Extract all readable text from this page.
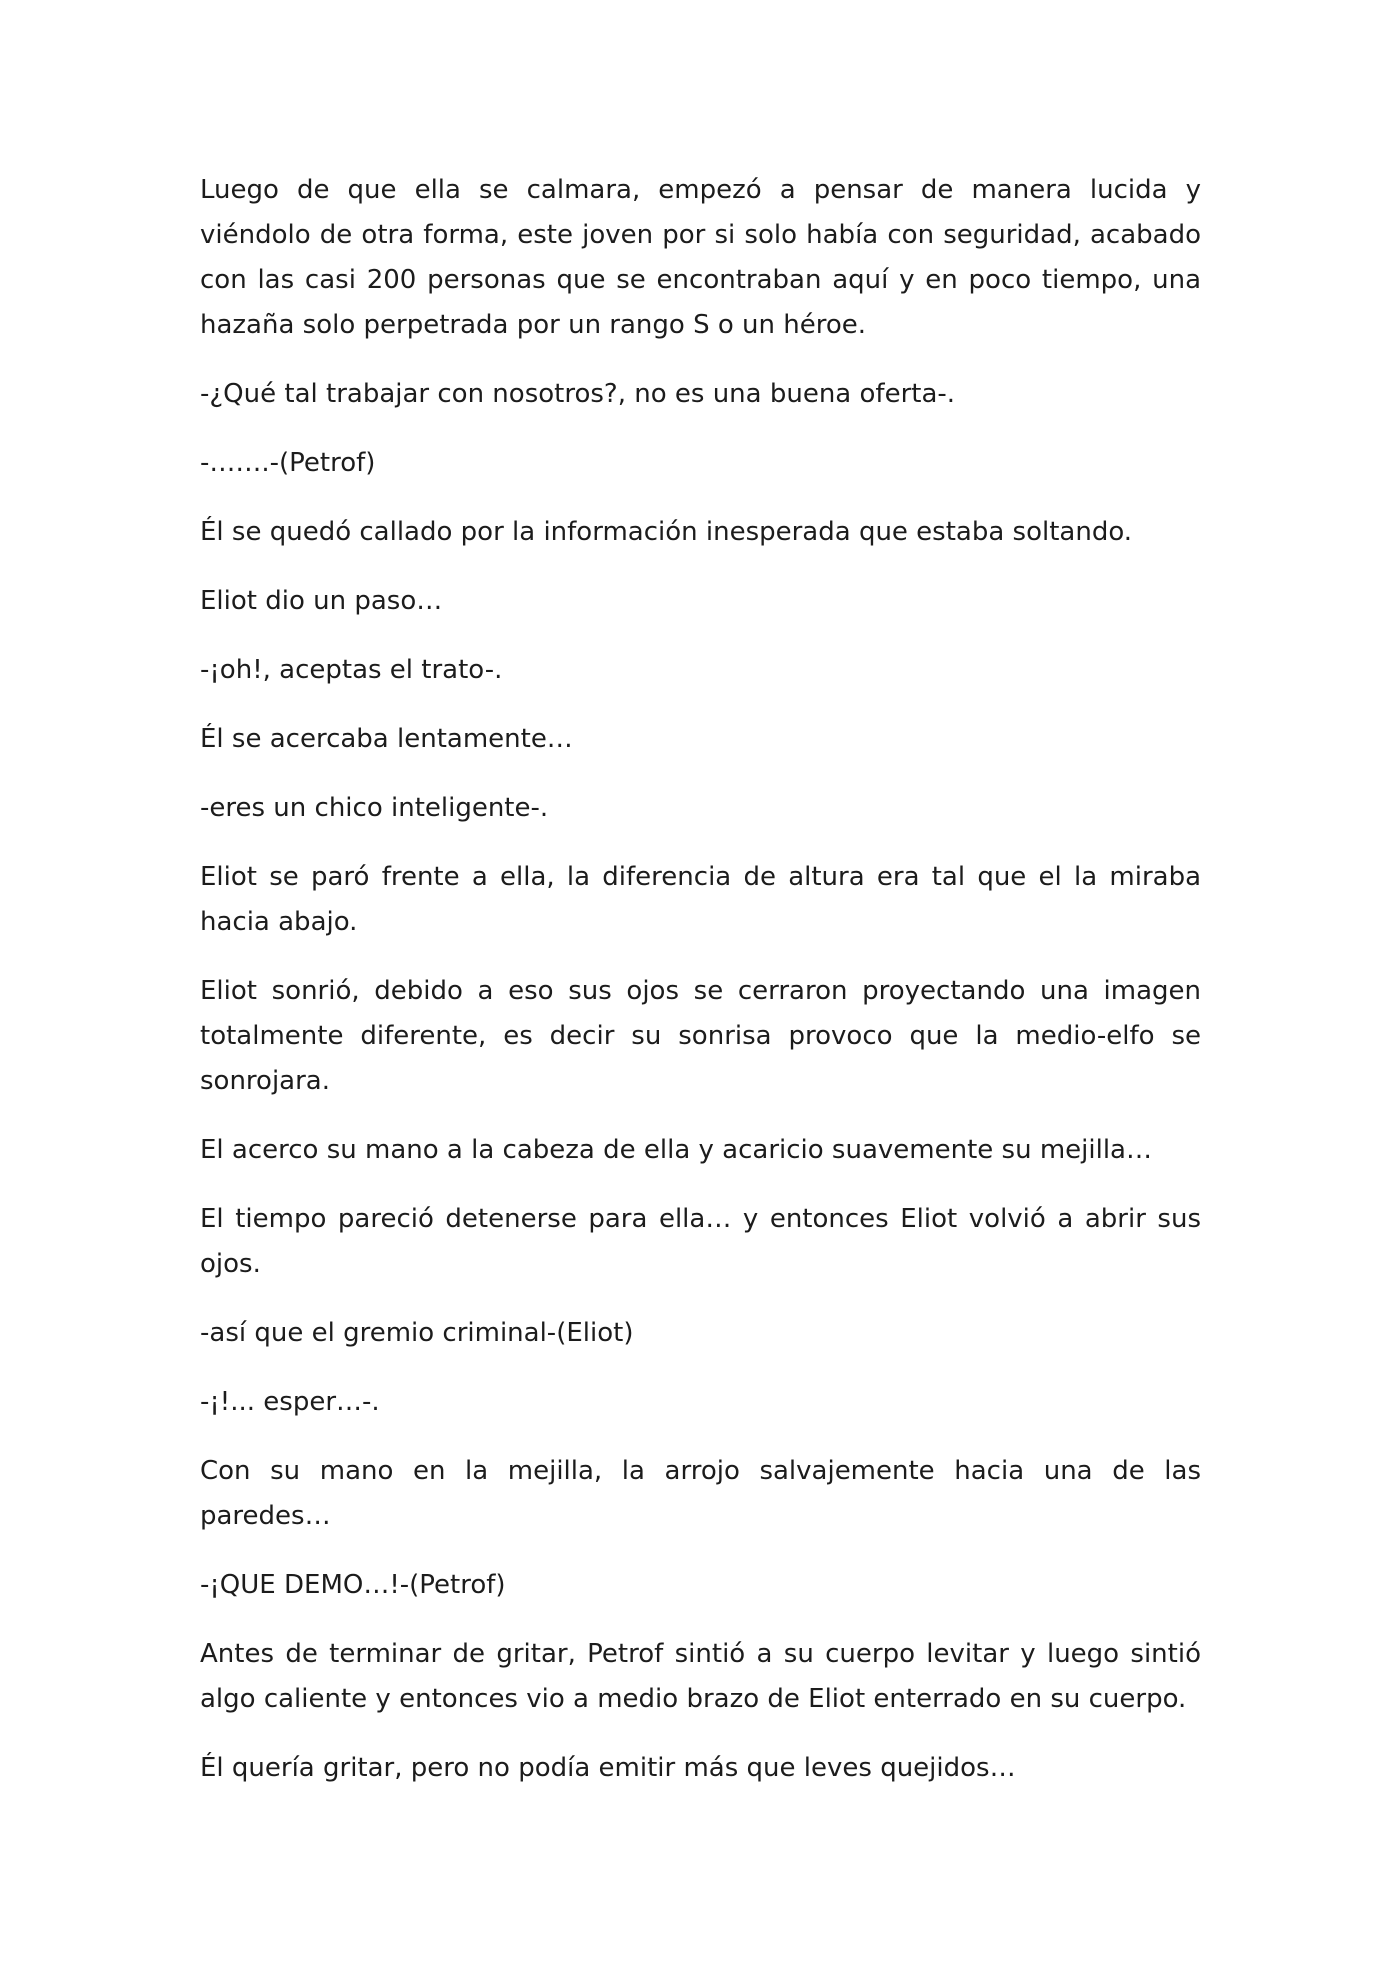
Luego de que ella se calmara, empezó a pensar de manera lucida y viéndolo de otra forma, este joven por si solo había con seguridad, acabado con las casi 200 personas que se encontraban aquí y en poco tiempo, una hazaña solo perpetrada por un rango S o un héroe.

-¿Qué tal trabajar con nosotros?, no es una buena oferta-.

-…….-(Petrof)

Él se quedó callado por la información inesperada que estaba soltando.

Eliot dio un paso…

-¡oh!, aceptas el trato-.

Él se acercaba lentamente…

-eres un chico inteligente-.

Eliot se paró frente a ella, la diferencia de altura era tal que el la miraba hacia abajo.

Eliot sonrió, debido a eso sus ojos se cerraron proyectando una imagen totalmente diferente, es decir su sonrisa provoco que la medio-elfo se sonrojara.

El acerco su mano a la cabeza de ella y acaricio suavemente su mejilla…

El tiempo pareció detenerse para ella… y entonces Eliot volvió a abrir sus ojos.

-así que el gremio criminal-(Eliot)

-¡!... esper…-.

Con su mano en la mejilla, la arrojo salvajemente hacia una de las paredes…

-¡QUE DEMO…!-(Petrof)

Antes de terminar de gritar, Petrof sintió a su cuerpo levitar y luego sintió algo caliente y entonces vio a medio brazo de Eliot enterrado en su cuerpo.

Él quería gritar, pero no podía emitir más que leves quejidos…
